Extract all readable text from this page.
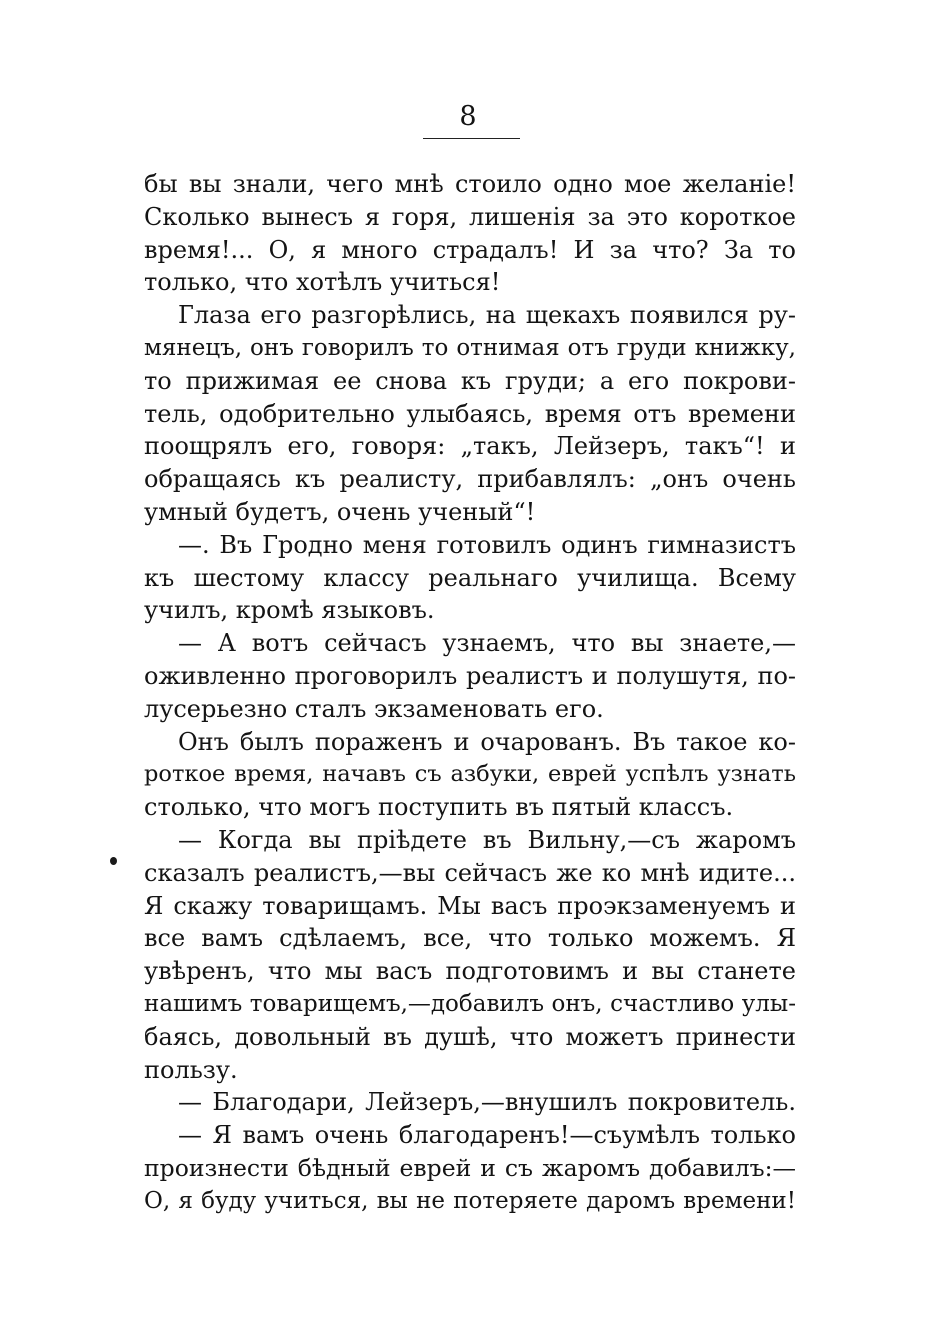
8
бы вы знали, чего мнѣ стоило одно мое желаніе!
Сколько вынесъ я горя, лишенія за это короткое
время!... О, я много страдалъ! И за что? За то
только, что хотѣлъ учиться!
Глаза его разгорѣлись, на щекахъ появился ру-
мянецъ, онъ говорилъ то отнимая отъ груди книжку,
то прижимая ее снова къ груди; а его покрови-
тель, одобрительно улыбаясь, время отъ времени
поощрялъ его, говоря: „такъ, Лейзеръ, такъ“! и
обращаясь къ реалисту, прибавлялъ: „онъ очень
умный будетъ, очень ученый“!
—. Въ Гродно меня готовилъ одинъ гимназистъ
къ шестому классу реальнаго училища. Всему
училъ, кромѣ языковъ.
— А вотъ сейчасъ узнаемъ, что вы знаете,—
оживленно проговорилъ реалистъ и полушутя, по-
лусерьезно сталъ экзаменовать его.
Онъ былъ пораженъ и очарованъ. Въ такое ко-
роткое время, начавъ съ азбуки, еврей успѣлъ узнать
столько, что могъ поступить въ пятый классъ.
— Когда вы пріѣдете въ Вильну,—съ жаромъ
сказалъ реалистъ,—вы сейчасъ же ко мнѣ идите...
Я скажу товарищамъ. Мы васъ проэкзаменуемъ и
все вамъ сдѣлаемъ, все, что только можемъ. Я
увѣренъ, что мы васъ подготовимъ и вы станете
нашимъ товарищемъ,—добавилъ онъ, счастливо улы-
баясь, довольный въ душѣ, что можетъ принести
пользу.
— Благодари, Лейзеръ,—внушилъ покровитель.
— Я вамъ очень благодаренъ!—съумѣлъ только
произнести бѣдный еврей и съ жаромъ добавилъ:—
О, я буду учиться, вы не потеряете даромъ времени!
